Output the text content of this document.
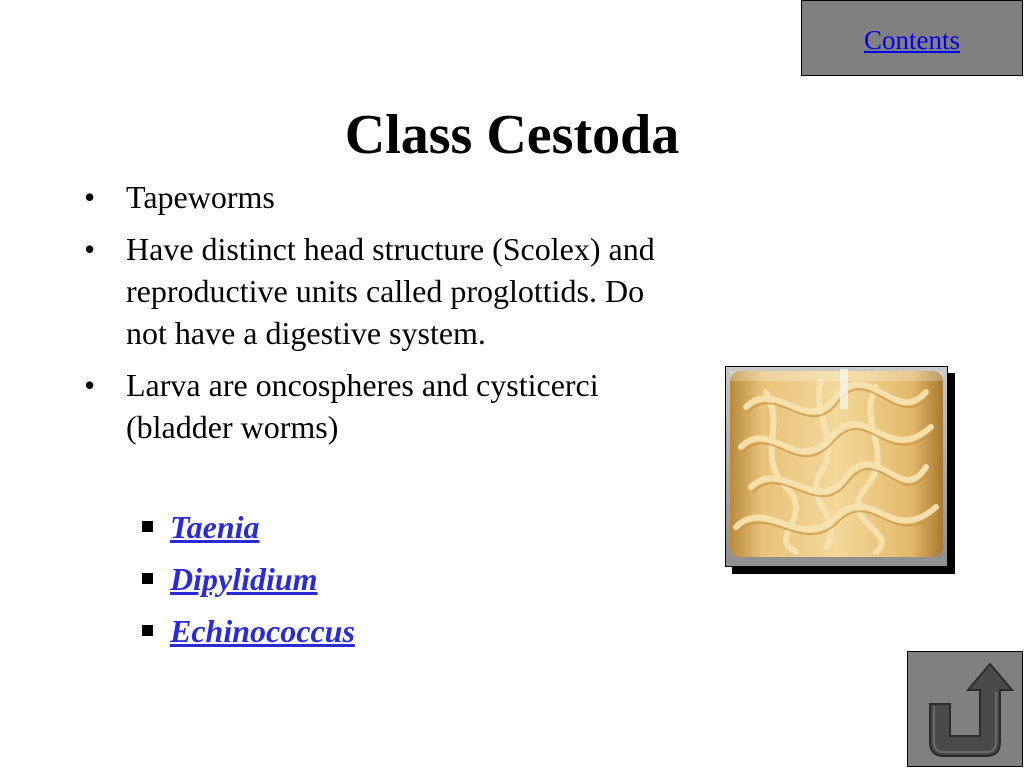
Contents
Class Cestoda
• Tapeworms
• Have distinct head structure (Scolex) and reproductive units called proglottids. Do not have a digestive system.
• Larva are oncospheres and cysticerci (bladder worms)
Taenia
Dipylidium
Echinococcus
